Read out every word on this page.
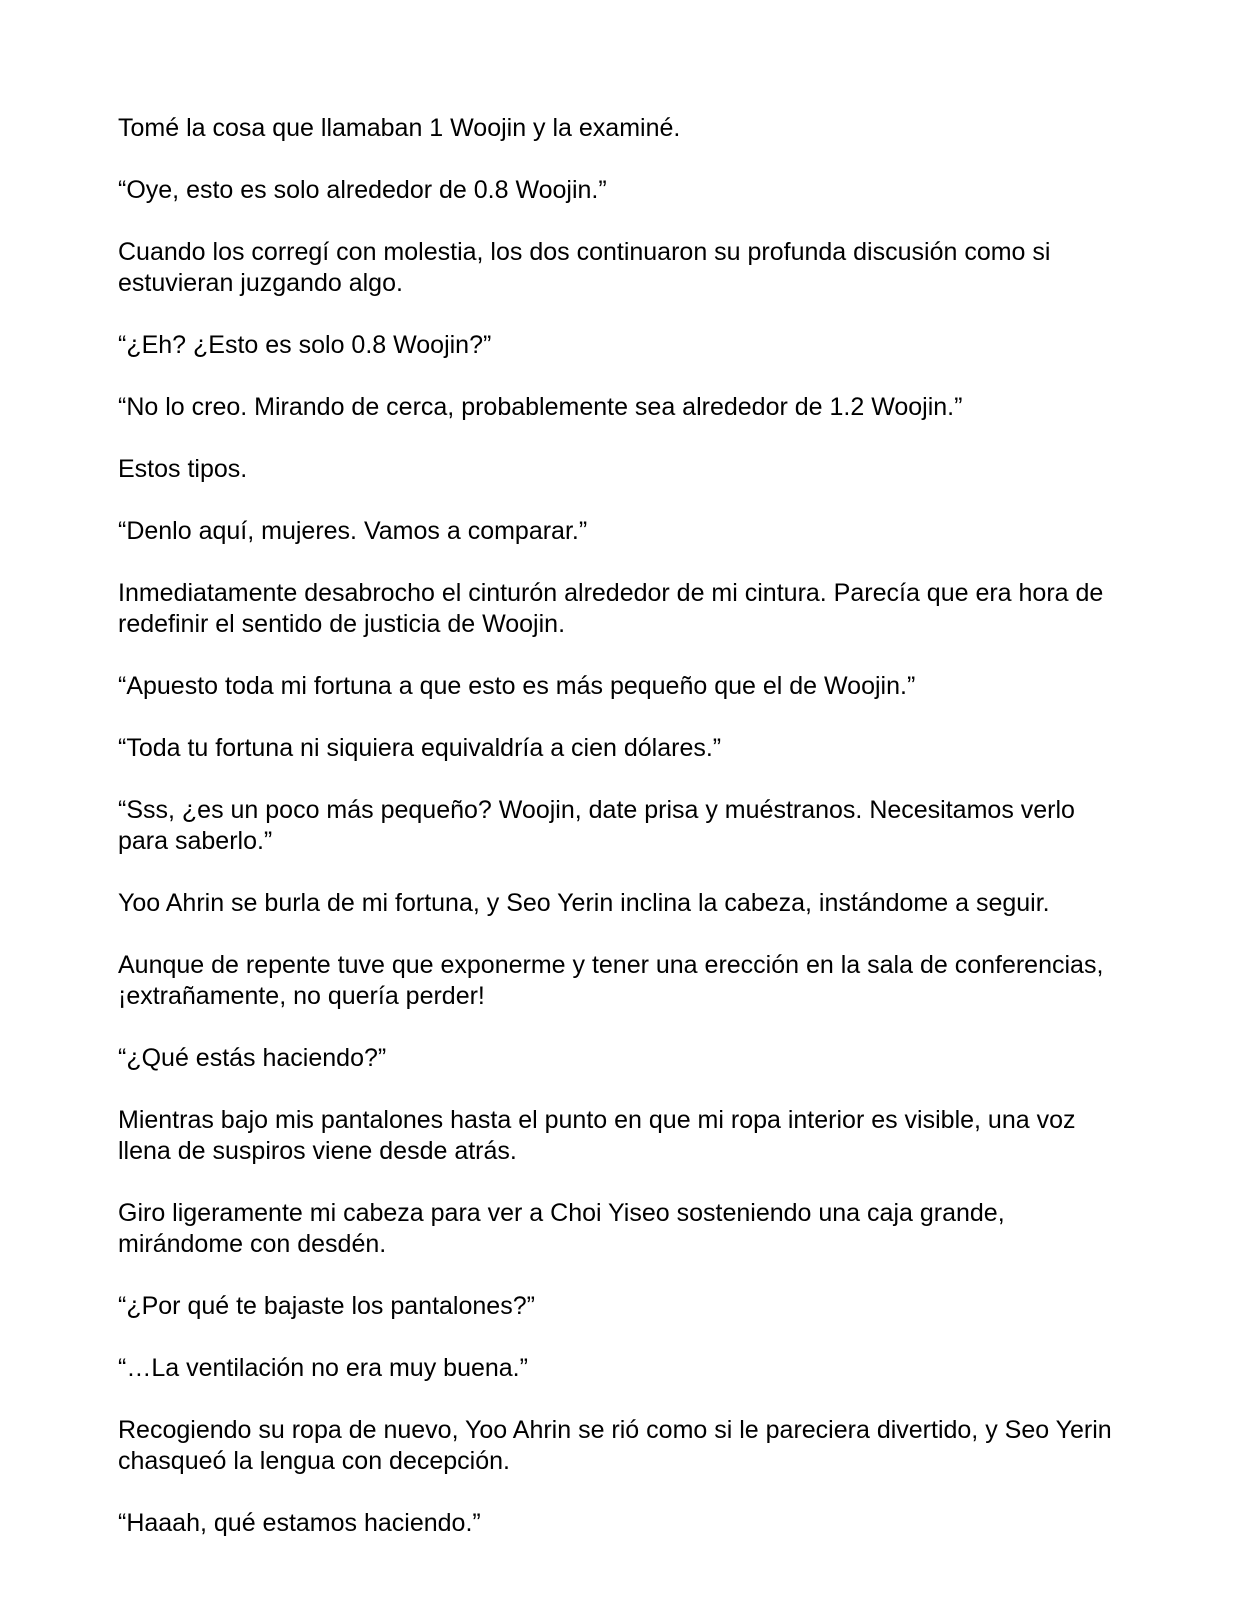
Tomé la cosa que llamaban 1 Woojin y la examiné.

“Oye, esto es solo alrededor de 0.8 Woojin.”

Cuando los corregí con molestia, los dos continuaron su profunda discusión como si estuvieran juzgando algo.

“¿Eh? ¿Esto es solo 0.8 Woojin?”

“No lo creo. Mirando de cerca, probablemente sea alrededor de 1.2 Woojin.”

Estos tipos.

“Denlo aquí, mujeres. Vamos a comparar.”

Inmediatamente desabrocho el cinturón alrededor de mi cintura. Parecía que era hora de redefinir el sentido de justicia de Woojin.

“Apuesto toda mi fortuna a que esto es más pequeño que el de Woojin.”

“Toda tu fortuna ni siquiera equivaldría a cien dólares.”

“Sss, ¿es un poco más pequeño? Woojin, date prisa y muéstranos. Necesitamos verlo para saberlo.”

Yoo Ahrin se burla de mi fortuna, y Seo Yerin inclina la cabeza, instándome a seguir.

Aunque de repente tuve que exponerme y tener una erección en la sala de conferencias, ¡extrañamente, no quería perder!

“¿Qué estás haciendo?”

Mientras bajo mis pantalones hasta el punto en que mi ropa interior es visible, una voz llena de suspiros viene desde atrás.

Giro ligeramente mi cabeza para ver a Choi Yiseo sosteniendo una caja grande, mirándome con desdén.

“¿Por qué te bajaste los pantalones?”

“…La ventilación no era muy buena.”

Recogiendo su ropa de nuevo, Yoo Ahrin se rió como si le pareciera divertido, y Seo Yerin chasqueó la lengua con decepción.

“Haaah, qué estamos haciendo.”
